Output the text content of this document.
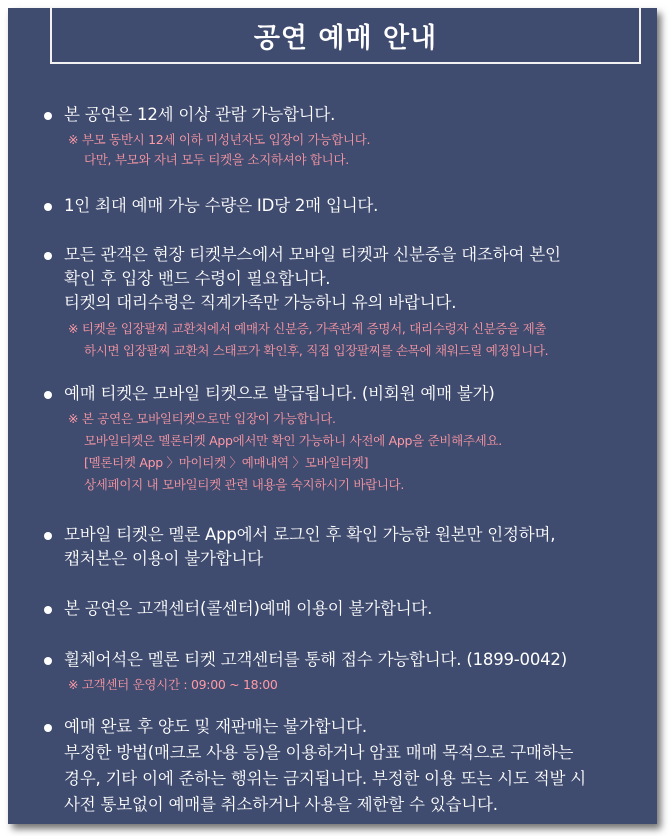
공연 예매 안내
본 공연은 12세 이상 관람 가능합니다.
※ 부모 동반시 12세 이하 미성년자도 입장이 가능합니다.
다만, 부모와 자녀 모두 티켓을 소지하셔야 합니다.
1인 최대 예매 가능 수량은 ID당 2매 입니다.
모든 관객은 현장 티켓부스에서 모바일 티켓과 신분증을 대조하여 본인
확인 후 입장 밴드 수령이 필요합니다.
티켓의 대리수령은 직계가족만 가능하니 유의 바랍니다.
※ 티켓을 입장팔찌 교환처에서 예매자 신분증, 가족관계 증명서, 대리수령자 신분증을 제출
하시면 입장팔찌 교환처 스태프가 확인후, 직접 입장팔찌를 손목에 채워드릴 예정입니다.
예매 티켓은 모바일 티켓으로 발급됩니다. (비회원 예매 불가)
※ 본 공연은 모바일티켓으로만 입장이 가능합니다.
모바일티켓은 멜론티켓 App에서만 확인 가능하니 사전에 App을 준비해주세요.
[멜론티켓 App 〉마이티켓 〉예매내역 〉모바일티켓]
상세페이지 내 모바일티켓 관련 내용을 숙지하시기 바랍니다.
모바일 티켓은 멜론 App에서 로그인 후 확인 가능한 원본만 인정하며,
캡처본은 이용이 불가합니다
본 공연은 고객센터(콜센터)예매 이용이 불가합니다.
휠체어석은 멜론 티켓 고객센터를 통해 접수 가능합니다. (1899-0042)
※ 고객센터 운영시간 : 09:00 ~ 18:00
예매 완료 후 양도 및 재판매는 불가합니다.
부정한 방법(매크로 사용 등)을 이용하거나 암표 매매 목적으로 구매하는
경우, 기타 이에 준하는 행위는 금지됩니다. 부정한 이용 또는 시도 적발 시
사전 통보없이 예매를 취소하거나 사용을 제한할 수 있습니다.
